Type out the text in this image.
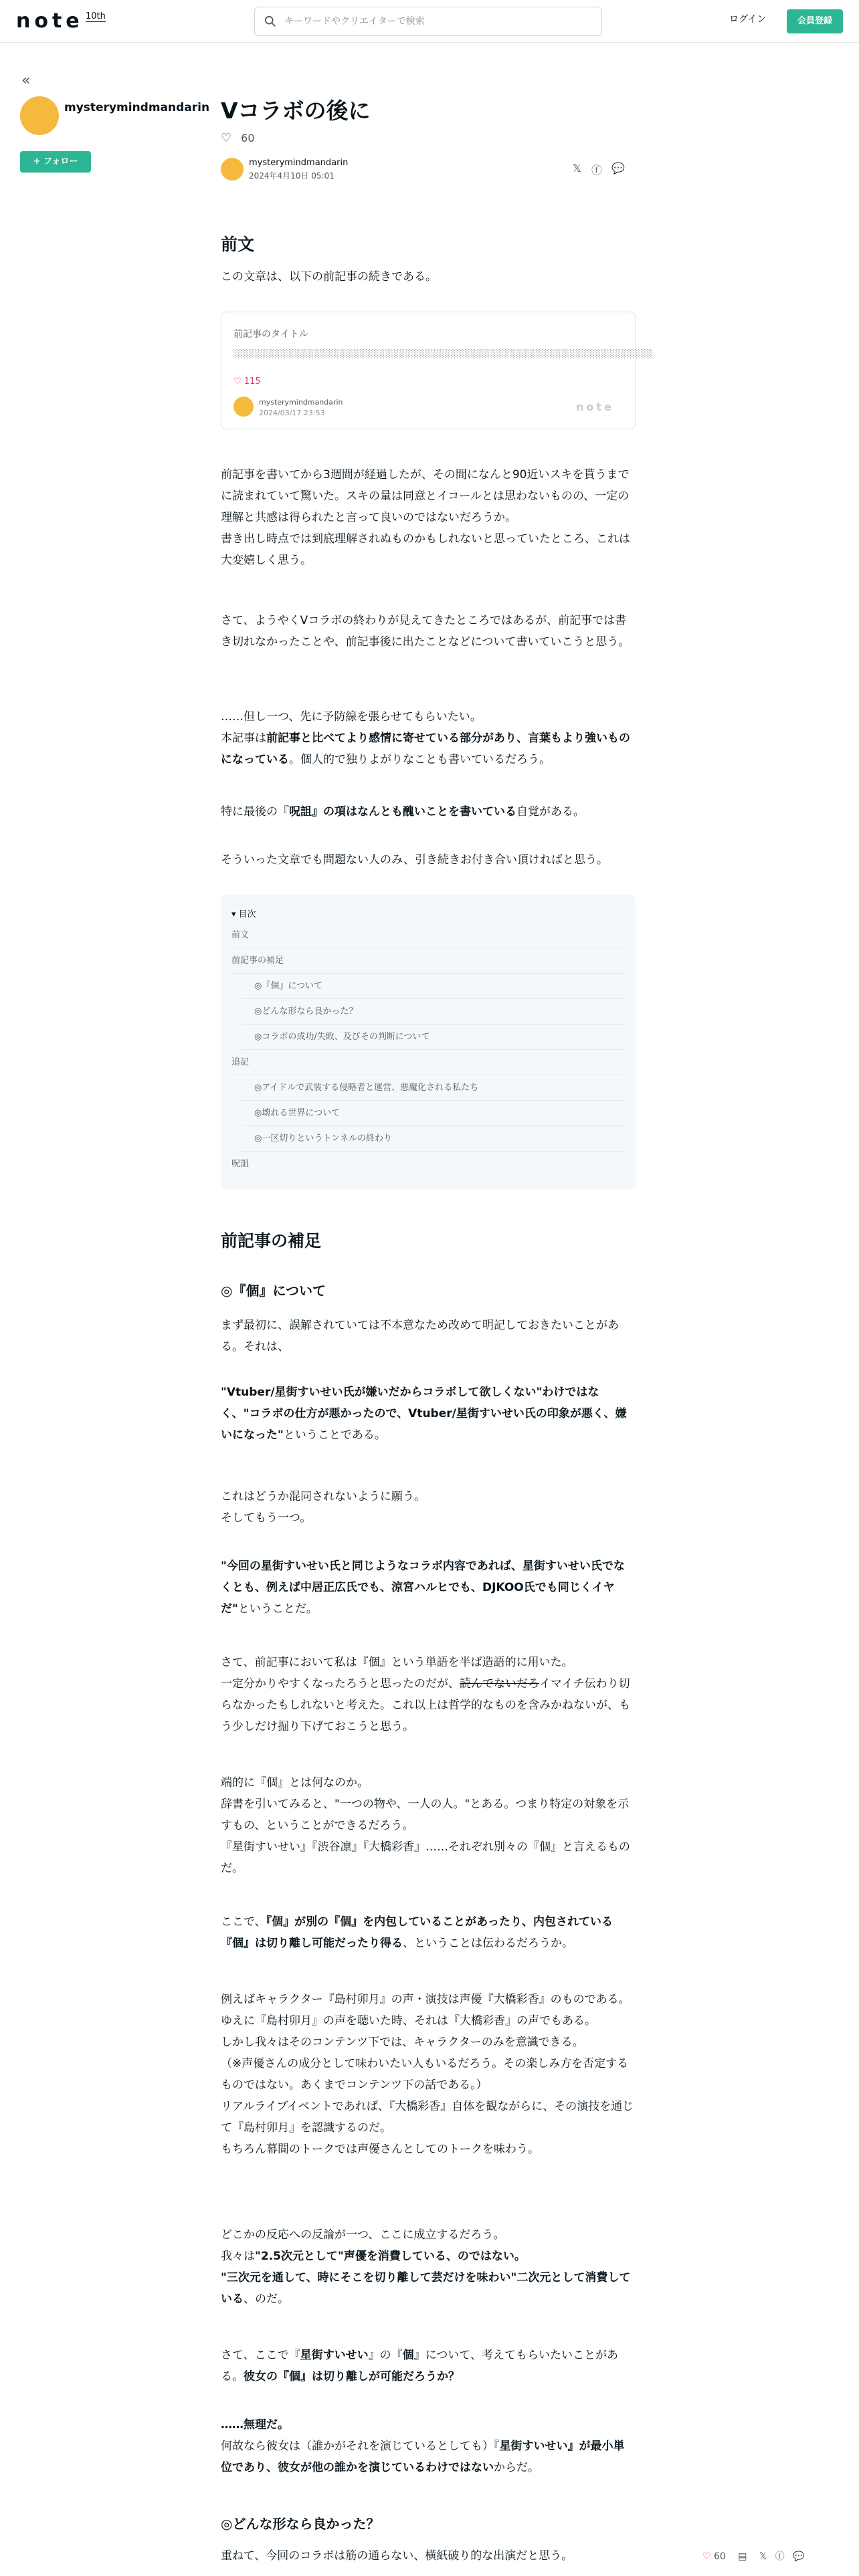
note 10th
キーワードやクリエイターで検索	ログイン	会員登録
«
mysterymindmandarin
+ フォロー
Vコラボの後に
♡ 60
mysterymindmandarin
2024年4月10日 05:01
𝕏 ⓕ 💬
前文

この文章は、以下の前記事の続きである。

前記事のタイトル
░░░░░░░░░░░░░░░░░░░░░░░░░░░░░░░░░░░░░░░░░░░░░░░░░░░░░░░░░░░░░░░░░░░░
♡ 115
mysterymindmandarin
2024/03/17 23:53	note

前記事を書いてから3週間が経過したが、その間になんと90近いスキを貰うまでに読まれていて驚いた。スキの量は同意とイコールとは思わないものの、一定の理解と共感は得られたと言って良いのではないだろうか。
書き出し時点では到底理解されぬものかもしれないと思っていたところ、これは大変嬉しく思う。

さて、ようやくVコラボの終わりが見えてきたところではあるが、前記事では書き切れなかったことや、前記事後に出たことなどについて書いていこうと思う。

……但し一つ、先に予防線を張らせてもらいたい。
本記事は前記事と比べてより感情に寄せている部分があり、言葉もより強いものになっている。個人的で独りよがりなことも書いているだろう。

特に最後の『呪詛』の項はなんとも醜いことを書いている自覚がある。

そういった文章でも問題ない人のみ、引き続きお付き合い頂ければと思う。

▾ 目次
前文
前記事の補足
◎『個』について
◎どんな形なら良かった？
◎コラボの成功/失敗、及びその判断について
追記
◎アイドルで武装する侵略者と運営、悪魔化される私たち
◎壊れる世界について
◎一区切りというトンネルの終わり
呪詛
前記事の補足
◎『個』について

まず最初に、誤解されていては不本意なため改めて明記しておきたいことがある。それは、

"Vtuber/星街すいせい氏が嫌いだからコラボして欲しくない"わけではなく、"コラボの仕方が悪かったので、Vtuber/星街すいせい氏の印象が悪く、嫌いになった"ということである。

これはどうか混同されないように願う。
そしてもう一つ。

"今回の星街すいせい氏と同じようなコラボ内容であれば、星街すいせい氏でなくとも、例えば中居正広氏でも、涼宮ハルヒでも、DJKOO氏でも同じくイヤだ"ということだ。

さて、前記事において私は『個』という単語を半ば造語的に用いた。
一定分かりやすくなったろうと思ったのだが、読んでないだろイマイチ伝わり切らなかったもしれないと考えた。これ以上は哲学的なものを含みかねないが、もう少しだけ掘り下げておこうと思う。

端的に『個』とは何なのか。
辞書を引いてみると、"一つの物や、一人の人。"とある。つまり特定の対象を示すもの、ということができるだろう。
『星街すいせい』『渋谷凛』『大橋彩香』……それぞれ別々の『個』と言えるものだ。

ここで、『個』が別の『個』を内包していることがあったり、内包されている『個』は切り離し可能だったり得る、ということは伝わるだろうか。

例えばキャラクター『島村卯月』の声・演技は声優『大橋彩香』のものである。ゆえに『島村卯月』の声を聴いた時、それは『大橋彩香』の声でもある。
しかし我々はそのコンテンツ下では、キャラクターのみを意識できる。
（※声優さんの成分として味わいたい人もいるだろう。その楽しみ方を否定するものではない。あくまでコンテンツ下の話である。）
リアルライブイベントであれば、『大橋彩香』自体を観ながらに、その演技を通じて『島村卯月』を認識するのだ。
もちろん幕間のトークでは声優さんとしてのトークを味わう。

どこかの反応への反論が一つ、ここに成立するだろう。
我々は"2.5次元として"声優を消費している、のではない。
"三次元を通して、時にそこを切り離して芸だけを味わい"二次元として消費している、のだ。

さて、ここで『星街すいせい』の『個』について、考えてもらいたいことがある。彼女の『個』は切り離しが可能だろうか？

……無理だ。
何故なら彼女は（誰かがそれを演じているとしても）『星街すいせい』が最小単位であり、彼女が他の誰かを演じているわけではないからだ。

◎どんな形なら良かった？

重ねて、今回のコラボは筋の通らない、横紙破り的な出演だと思う。	♡ 60 ▤ 𝕏 ⓕ 💬
